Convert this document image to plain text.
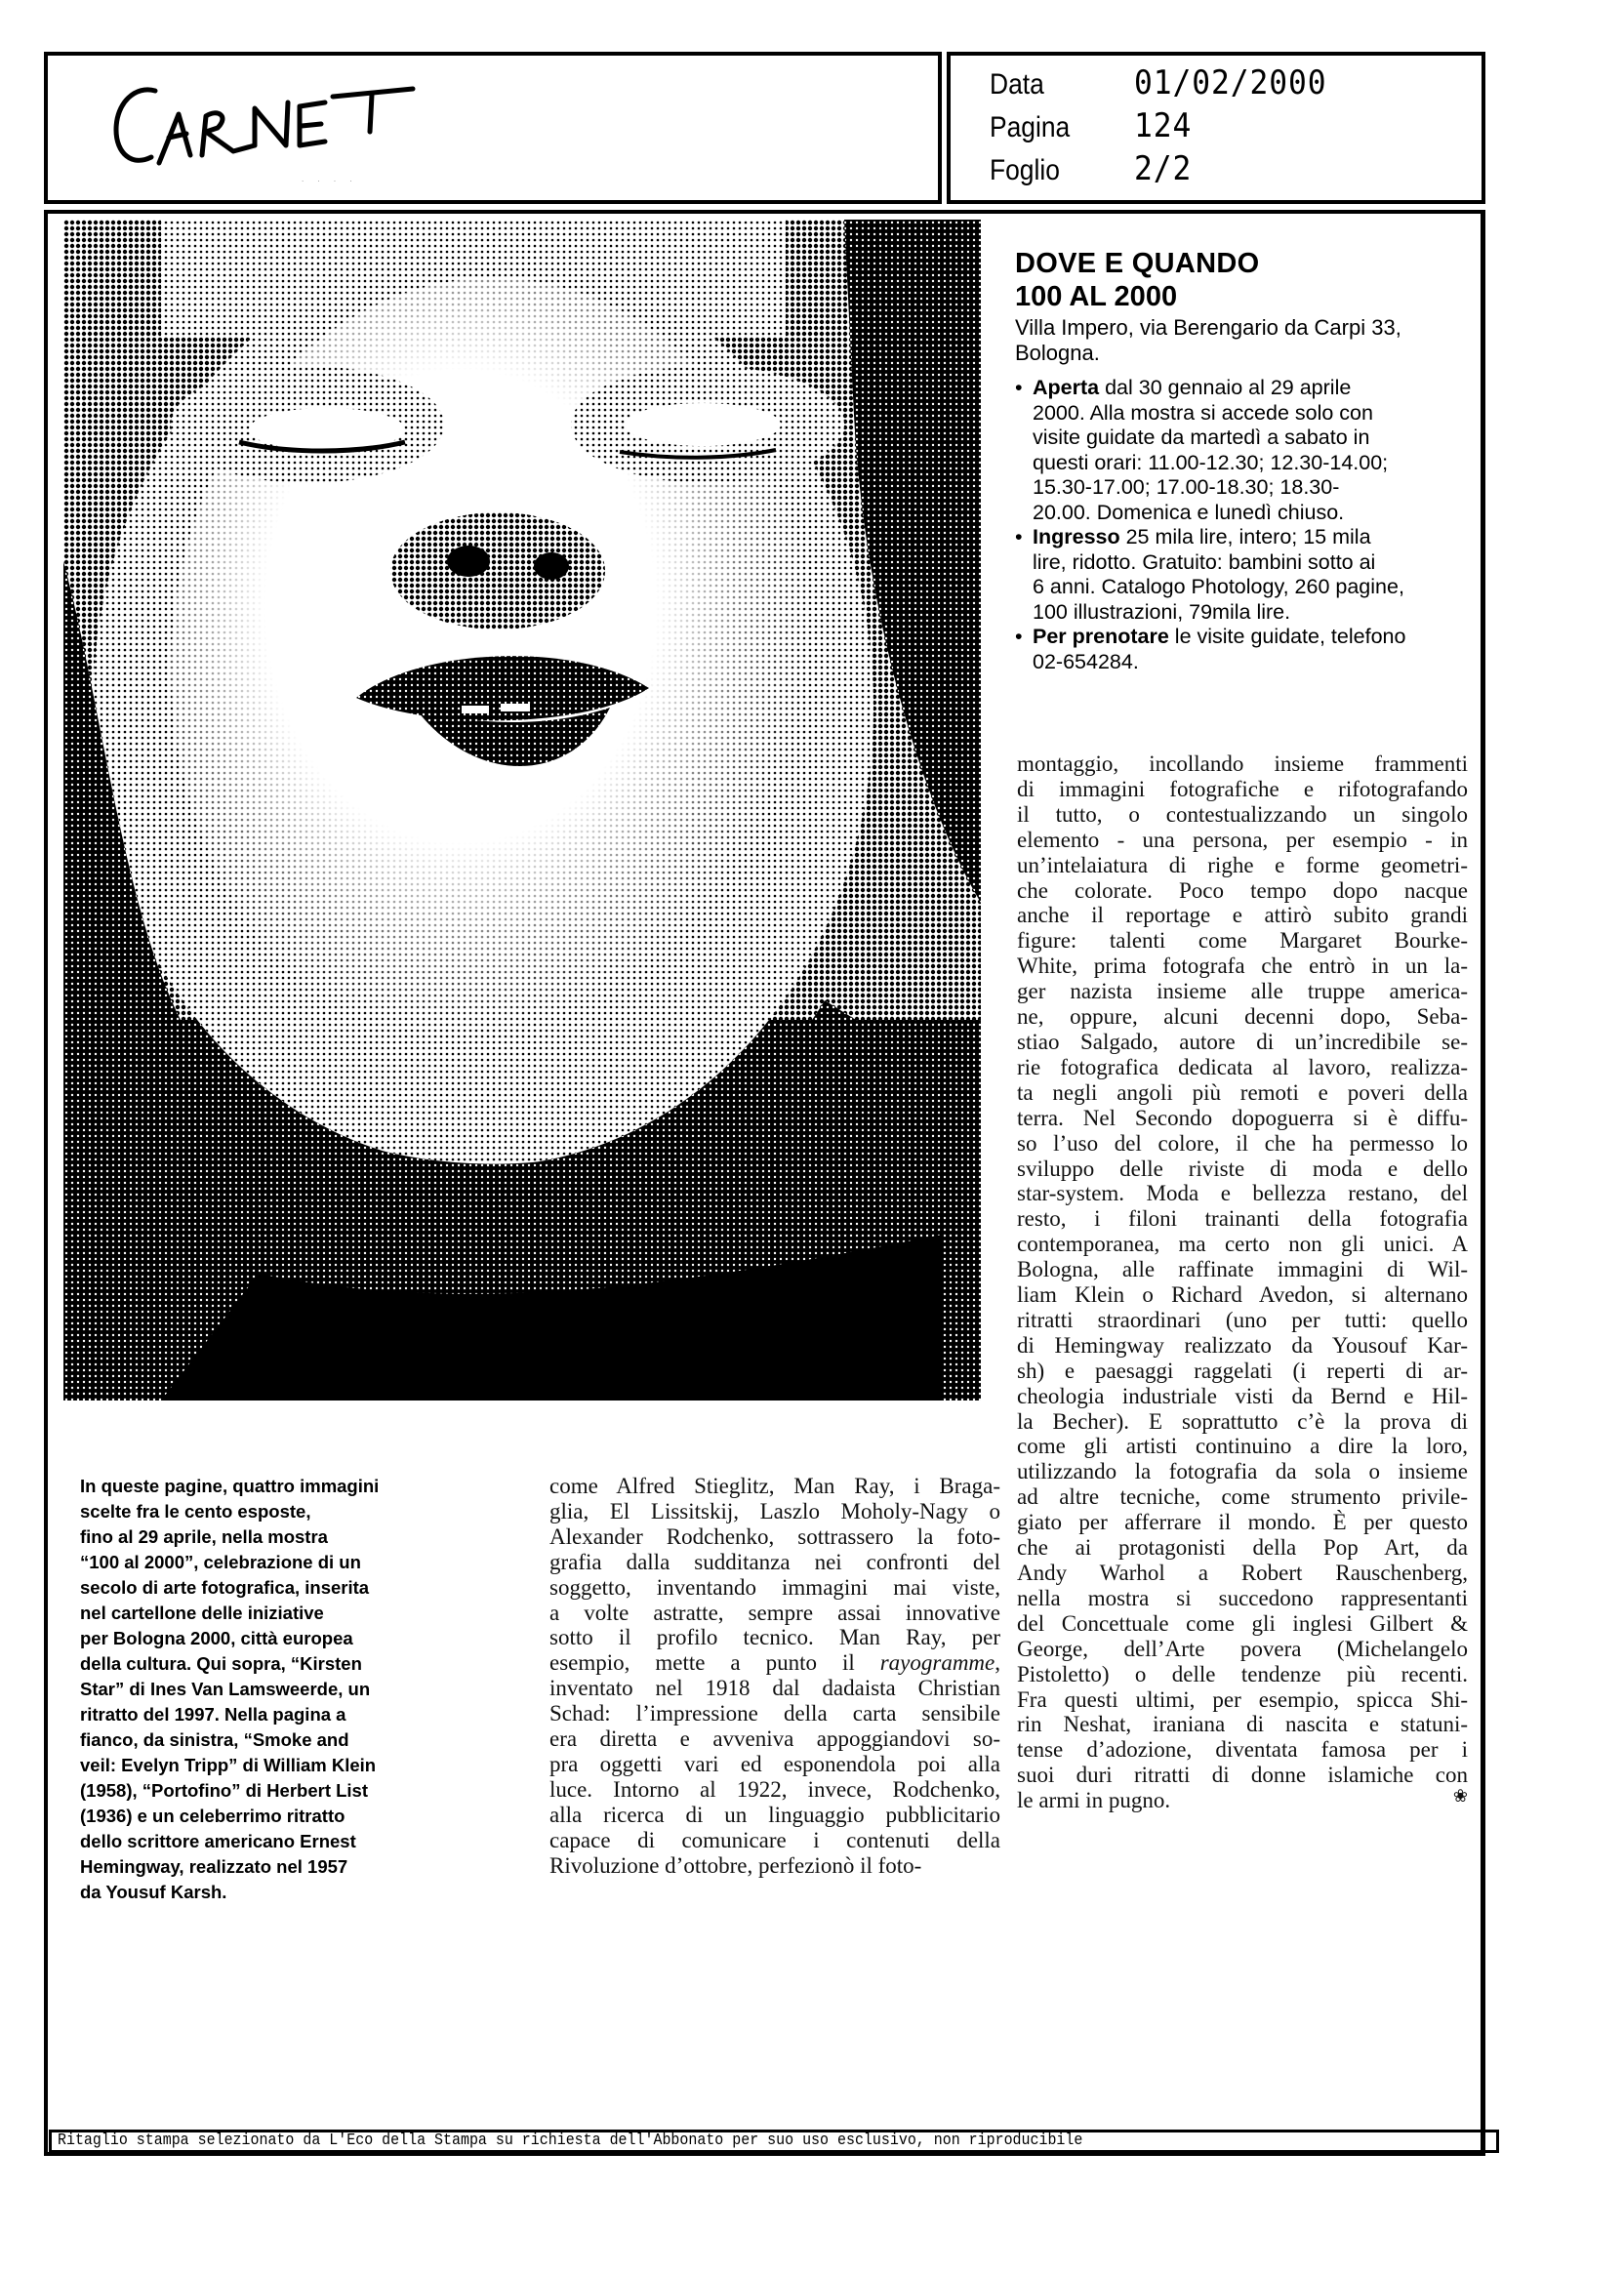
. . . .
Data	01/02/2000
Pagina	124
Foglio	2/2
DOVE E QUANDO
100 AL 2000
Villa Impero, via Berengario da Carpi 33,
Bologna.
• Aperta dal 30 gennaio al 29 aprile
2000. Alla mostra si accede solo con
visite guidate da martedì a sabato in
questi orari: 11.00-12.30; 12.30-14.00;
15.30-17.00; 17.00-18.30; 18.30-
20.00. Domenica e lunedì chiuso.
• Ingresso 25 mila lire, intero; 15 mila
lire, ridotto. Gratuito: bambini sotto ai
6 anni. Catalogo Photology, 260 pagine,
100 illustrazioni, 79mila lire.
• Per prenotare le visite guidate, telefono
02-654284.
montaggio, incollando insieme frammenti
di immagini fotografiche e rifotografando
il tutto, o contestualizzando un singolo
elemento - una persona, per esempio - in
un’intelaiatura di righe e forme geometri-
che colorate. Poco tempo dopo nacque
anche il reportage e attirò subito grandi
figure: talenti come Margaret Bourke-
White, prima fotografa che entrò in un la-
ger nazista insieme alle truppe america-
ne, oppure, alcuni decenni dopo, Seba-
stiao Salgado, autore di un’incredibile se-
rie fotografica dedicata al lavoro, realizza-
ta negli angoli più remoti e poveri della
terra. Nel Secondo dopoguerra si è diffu-
so l’uso del colore, il che ha permesso lo
sviluppo delle riviste di moda e dello
star-system. Moda e bellezza restano, del
resto, i filoni trainanti della fotografia
contemporanea, ma certo non gli unici. A
Bologna, alle raffinate immagini di Wil-
liam Klein o Richard Avedon, si alternano
ritratti straordinari (uno per tutti: quello
di Hemingway realizzato da Yousouf Kar-
sh) e paesaggi raggelati (i reperti di ar-
cheologia industriale visti da Bernd e Hil-
la Becher). E soprattutto c’è la prova di
come gli artisti continuino a dire la loro,
utilizzando la fotografia da sola o insieme
ad altre tecniche, come strumento privile-
giato per afferrare il mondo. È per questo
che ai protagonisti della Pop Art, da
Andy Warhol a Robert Rauschenberg,
nella mostra si succedono rappresentanti
del Concettuale come gli inglesi Gilbert &
George, dell’Arte povera (Michelangelo
Pistoletto) o delle tendenze più recenti.
Fra questi ultimi, per esempio, spicca Shi-
rin Neshat, iraniana di nascita e statuni-
tense d’adozione, diventata famosa per i
suoi duri ritratti di donne islamiche con
le armi in pugno.	❀
In queste pagine, quattro immagini
scelte fra le cento esposte,
fino al 29 aprile, nella mostra
“100 al 2000”, celebrazione di un
secolo di arte fotografica, inserita
nel cartellone delle iniziative
per Bologna 2000, città europea
della cultura. Qui sopra, “Kirsten
Star” di Ines Van Lamsweerde, un
ritratto del 1997. Nella pagina a
fianco, da sinistra, “Smoke and
veil: Evelyn Tripp” di William Klein
(1958), “Portofino” di Herbert List
(1936) e un celeberrimo ritratto
dello scrittore americano Ernest
Hemingway, realizzato nel 1957
da Yousuf Karsh.
come Alfred Stieglitz, Man Ray, i Braga-
glia, El Lissitskij, Laszlo Moholy-Nagy o
Alexander Rodchenko, sottrassero la foto-
grafia dalla sudditanza nei confronti del
soggetto, inventando immagini mai viste,
a volte astratte, sempre assai innovative
sotto il profilo tecnico. Man Ray, per
esempio, mette a punto il rayogramme,
inventato nel 1918 dal dadaista Christian
Schad: l’impressione della carta sensibile
era diretta e avveniva appoggiandovi so-
pra oggetti vari ed esponendola poi alla
luce. Intorno al 1922, invece, Rodchenko,
alla ricerca di un linguaggio pubblicitario
capace di comunicare i contenuti della
Rivoluzione d’ottobre, perfezionò il foto-
Ritaglio stampa selezionato da L'Eco della Stampa su richiesta dell'Abbonato per suo uso esclusivo, non riproducibile
